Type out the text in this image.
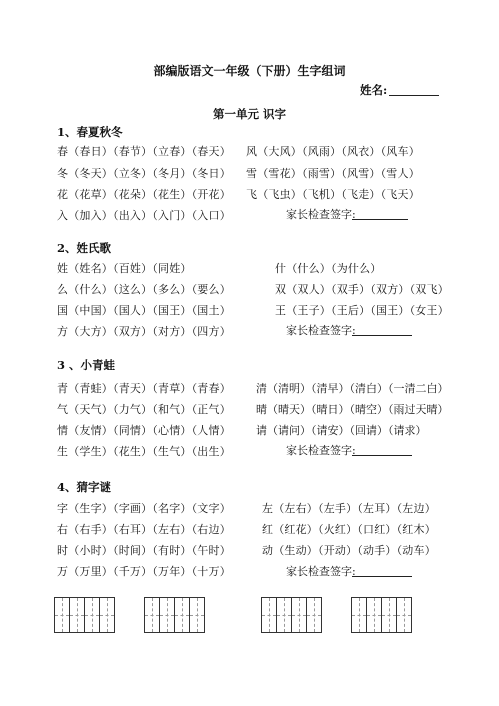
部编版语文一年级（下册）生字组词
姓名:
第一单元 识字
1、春夏秋冬
春（春日）（春节）（立春）（春天）
冬（冬天）（立冬）（冬月）（冬日）
花（花草）（花朵）（花生）（开花）
入（加入）（出入）（入门）（入口）
风（大风）（风雨）（风衣）（风车）
雪（雪花）（雨雪）（风雪）（雪人）
飞（飞虫）（飞机）（飞走）（飞天）
家长检查签字:
2、姓氏歌
姓（姓名）（百姓）（同姓）
么（什么）（这么）（多么）（要么）
国（中国）（国人）（国王）（国土）
方（大方）（双方）（对方）（四方）
什（什么）（为什么）
双（双人）（双手）（双方）（双飞）
王（王子）（王后）（国王）（女王）
家长检查签字:
3 、小青蛙
青（青蛙）（青天）（青草）（青春）
气（天气）（力气）（和气）（正气）
情（友情）（同情）（心情）（人情）
生（学生）（花生）（生气）（出生）
清（清明）（清早）（清白）（一清二白）
晴（晴天）（晴日）（晴空）（雨过天晴）
请（请问）（请安）（回请）（请求）
家长检查签字:
4、猜字谜
字（生字）（字画）（名字）（文字）
右（右手）（右耳）（左右）（右边）
时（小时）（时间）（有时）（午时）
万（万里）（千万）（万年）（十万）
左（左右）（左手）（左耳）（左边）
红（红花）（火红）（口红）（红木）
动（生动）（开动）（动手）（动车）
家长检查签字:
